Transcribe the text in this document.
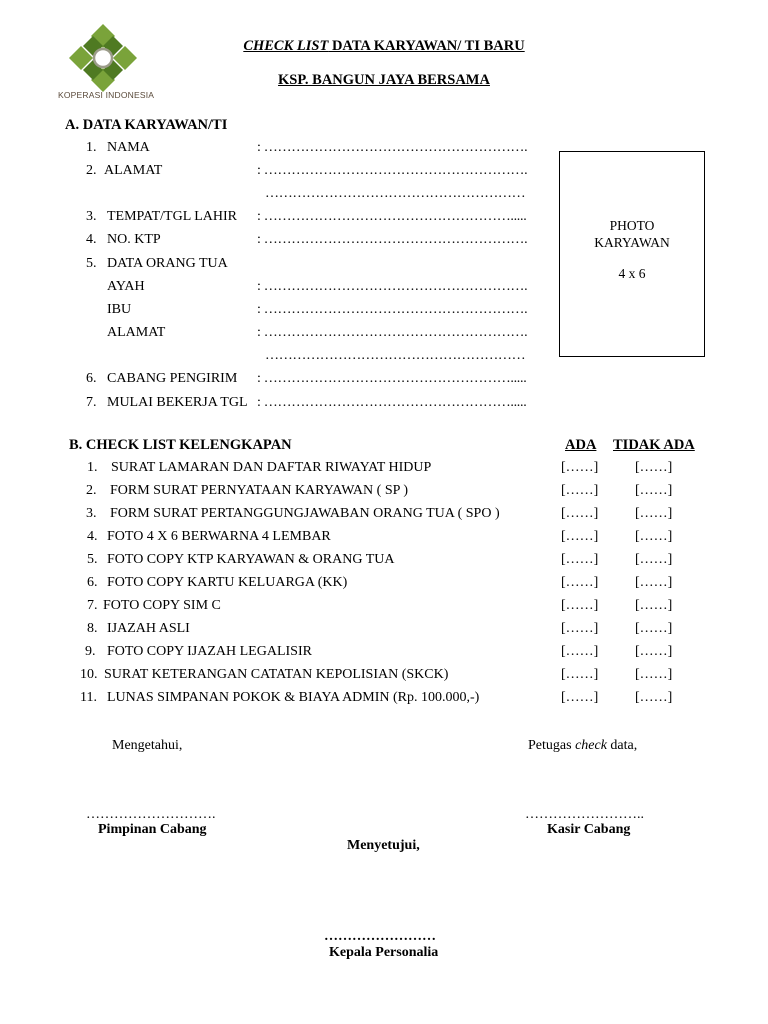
KOPERASI INDONESIA
CHECK LIST DATA KARYAWAN/ TI BARU
KSP. BANGUN JAYA BERSAMA
A. DATA KARYAWAN/TI
1. NAMA	: ………………………………………………….
2. ALAMAT	: ………………………………………………….
…………………………………………………
3. TEMPAT/TGL LAHIR : ……………………………………………….....
4. NO. KTP	: ………………………………………………….
5. DATA ORANG TUA
AYAH	: ………………………………………………….
IBU	: ………………………………………………….
ALAMAT	: ………………………………………………….
…………………………………………………
6. CABANG PENGIRIM : ……………………………………………….....
7. MULAI BEKERJA TGL : ……………………………………………….....
PHOTO
KARYAWAN
4 x 6
B. CHECK LIST KELENGKAPAN	ADA TIDAK ADA
1. SURAT LAMARAN DAN DAFTAR RIWAYAT HIDUP	[……]	[……]
2. FORM SURAT PERNYATAAN KARYAWAN ( SP )	[……]	[……]
3. FORM SURAT PERTANGGUNGJAWABAN ORANG TUA ( SPO )	[……]	[……]
4. FOTO 4 X 6 BERWARNA 4 LEMBAR	[……]	[……]
5. FOTO COPY KTP KARYAWAN & ORANG TUA	[……]	[……]
6. FOTO COPY KARTU KELUARGA (KK)	[……]	[……]
7. FOTO COPY SIM C	[……]	[……]
8. IJAZAH ASLI	[……]	[……]
9. FOTO COPY IJAZAH LEGALISIR	[……]	[……]
10. SURAT KETERANGAN CATATAN KEPOLISIAN (SKCK)	[……]	[……]
11. LUNAS SIMPANAN POKOK & BIAYA ADMIN (Rp. 100.000,-)	[……]	[……]
Mengetahui,	Petugas check data,
……………………….	……………………..
Pimpinan Cabang	Kasir Cabang
Menyetujui,
……………………
Kepala Personalia
